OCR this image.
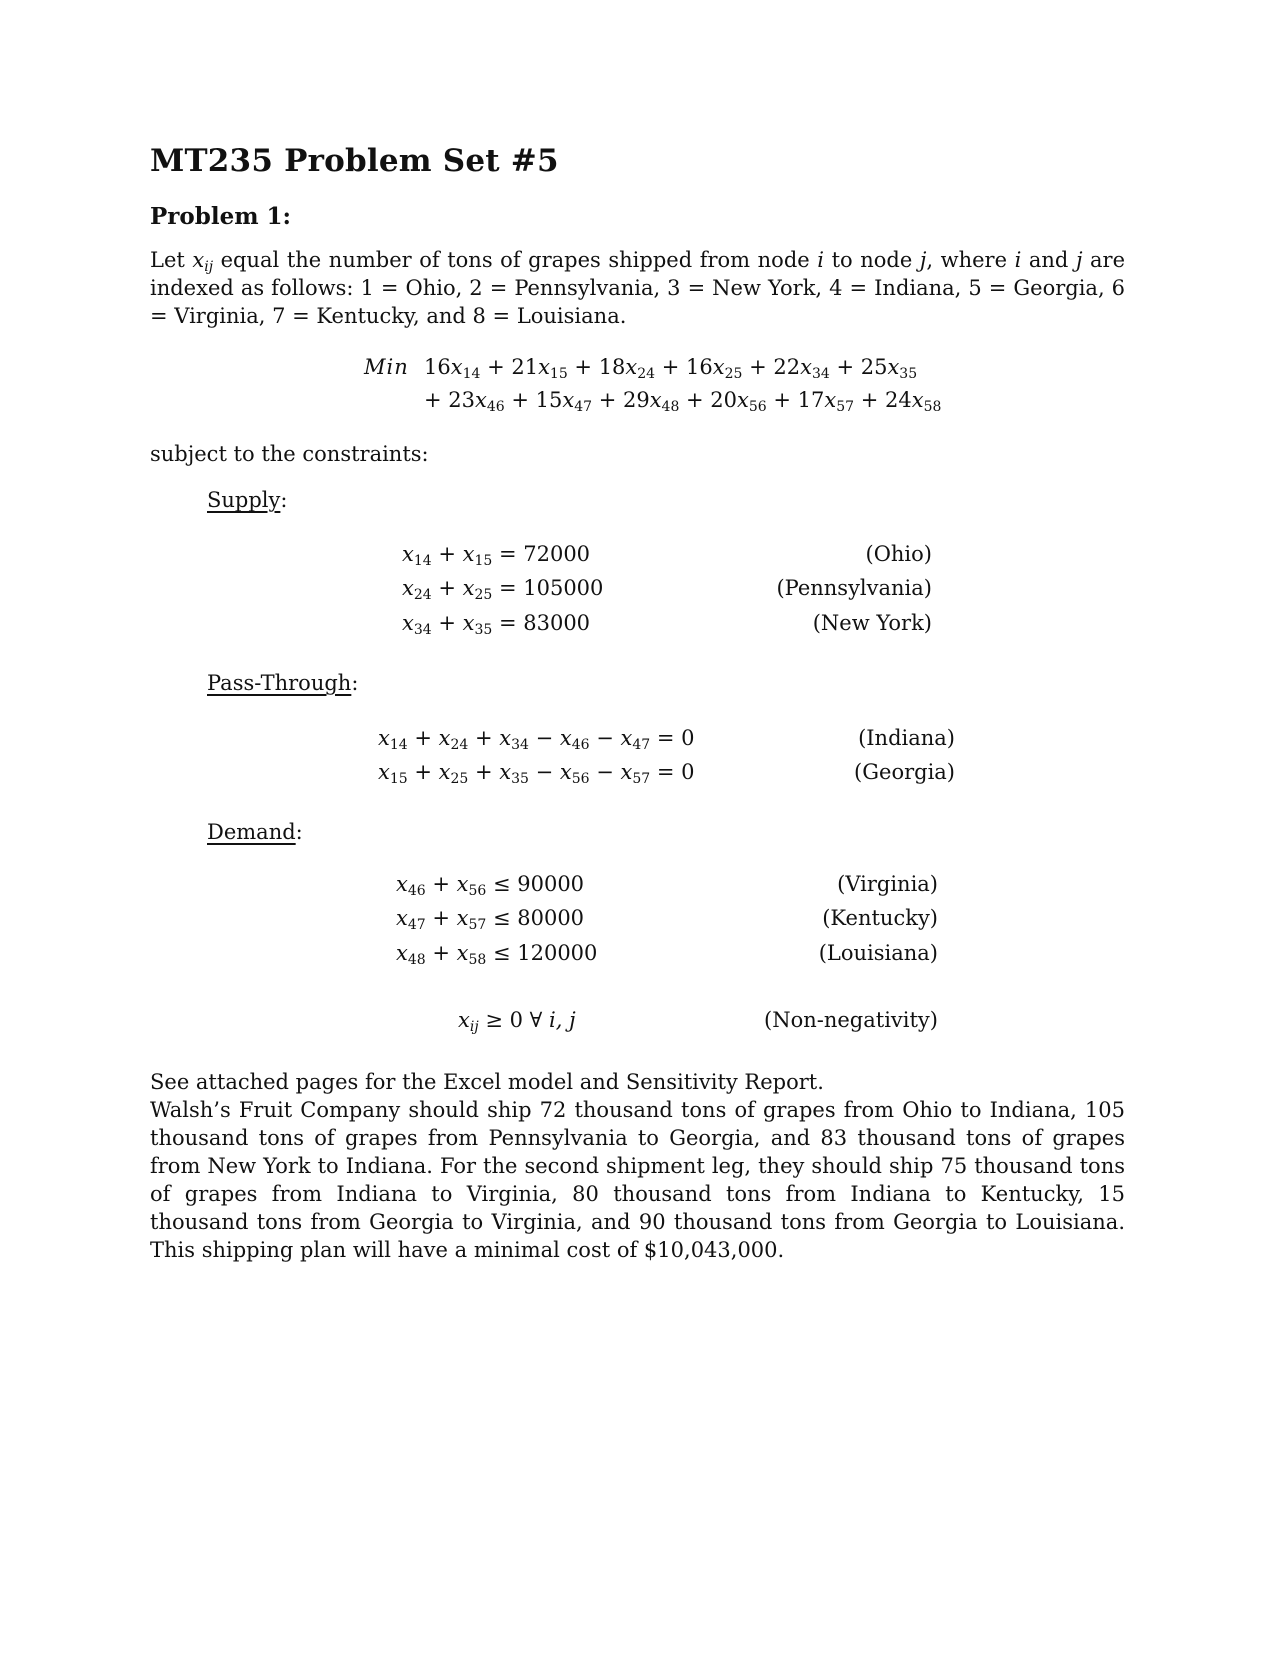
MT235 Problem Set #5
Problem 1:
Let $x_{ij}$ equal the number of tons of grapes shipped from node i to node j, where i and j are indexed as follows: 1 = Ohio, 2 = Pennsylvania, 3 = New York, 4 = Indiana, 5 = Georgia, 6 = Virginia, 7 = Kentucky, and 8 = Louisiana.
Min $16x_{14} + 21x_{15} + 18x_{24} + 16x_{25} + 22x_{34} + 25x_{35}$
+ $23x_{46} + 15x_{47} + 29x_{48} + 20x_{56} + 17x_{57} + 24x_{58}$
subject to the constraints:
Supply:
$x_{14} + x_{15} = 72000$	(Ohio)
$x_{24} + x_{25} = 105000$	(Pennsylvania)
$x_{34} + x_{35} = 83000$	(New York)
Pass-Through:
$x_{14} + x_{24} + x_{34} - x_{46} - x_{47} = 0$	(Indiana)
$x_{15} + x_{25} + x_{35} - x_{56} - x_{57} = 0$	(Georgia)
Demand:
$x_{46} + x_{56} \le 90000$	(Virginia)
$x_{47} + x_{57} \le 80000$	(Kentucky)
$x_{48} + x_{58} \le 120000$	(Louisiana)
$x_{ij} \ge 0$ ∀ i, j	(Non-negativity)
See attached pages for the Excel model and Sensitivity Report.
Walsh’s Fruit Company should ship 72 thousand tons of grapes from Ohio to Indiana, 105 thousand tons of grapes from Pennsylvania to Georgia, and 83 thousand tons of grapes from New York to Indiana. For the second shipment leg, they should ship 75 thousand tons of grapes from Indiana to Virginia, 80 thousand tons from Indiana to Kentucky, 15 thousand tons from Georgia to Virginia, and 90 thousand tons from Georgia to Louisiana. This shipping plan will have a minimal cost of $10,043,000.
